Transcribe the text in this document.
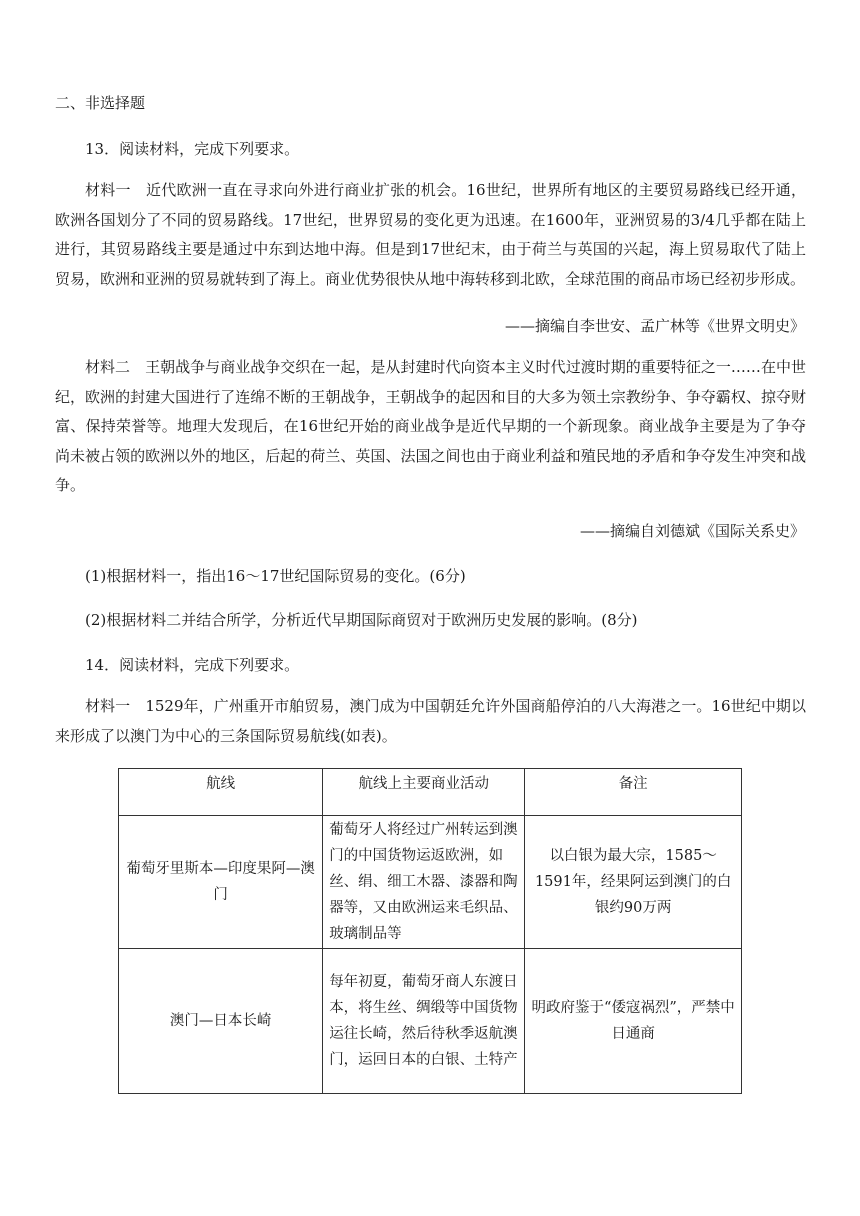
二、非选择题
13．阅读材料，完成下列要求。
材料一　近代欧洲一直在寻求向外进行商业扩张的机会。16世纪，世界所有地区的主要贸易路线已经开通，欧洲各国划分了不同的贸易路线。17世纪，世界贸易的变化更为迅速。在1600年，亚洲贸易的3/4几乎都在陆上进行，其贸易路线主要是通过中东到达地中海。但是到17世纪末，由于荷兰与英国的兴起，海上贸易取代了陆上贸易，欧洲和亚洲的贸易就转到了海上。商业优势很快从地中海转移到北欧，全球范围的商品市场已经初步形成。
——摘编自李世安、孟广林等《世界文明史》
材料二　王朝战争与商业战争交织在一起，是从封建时代向资本主义时代过渡时期的重要特征之一……在中世纪，欧洲的封建大国进行了连绵不断的王朝战争，王朝战争的起因和目的大多为领土宗教纷争、争夺霸权、掠夺财富、保持荣誉等。地理大发现后，在16世纪开始的商业战争是近代早期的一个新现象。商业战争主要是为了争夺尚未被占领的欧洲以外的地区，后起的荷兰、英国、法国之间也由于商业利益和殖民地的矛盾和争夺发生冲突和战争。
——摘编自刘德斌《国际关系史》
(1)根据材料一，指出16～17世纪国际贸易的变化。(6分)
(2)根据材料二并结合所学，分析近代早期国际商贸对于欧洲历史发展的影响。(8分)
14．阅读材料，完成下列要求。
材料一　1529年，广州重开市舶贸易，澳门成为中国朝廷允许外国商船停泊的八大海港之一。16世纪中期以来形成了以澳门为中心的三条国际贸易航线(如表)。
航线	航线上主要商业活动	备注
葡萄牙里斯本—印度果阿—澳门	葡萄牙人将经过广州转运到澳门的中国货物运返欧洲，如丝、绢、细工木器、漆器和陶器等，又由欧洲运来毛织品、玻璃制品等	以白银为最大宗，1585～1591年，经果阿运到澳门的白银约90万两
澳门—日本长崎	每年初夏，葡萄牙商人东渡日本，将生丝、绸缎等中国货物运往长崎，然后待秋季返航澳门，运回日本的白银、土特产	明政府鉴于“倭寇祸烈”，严禁中日通商
